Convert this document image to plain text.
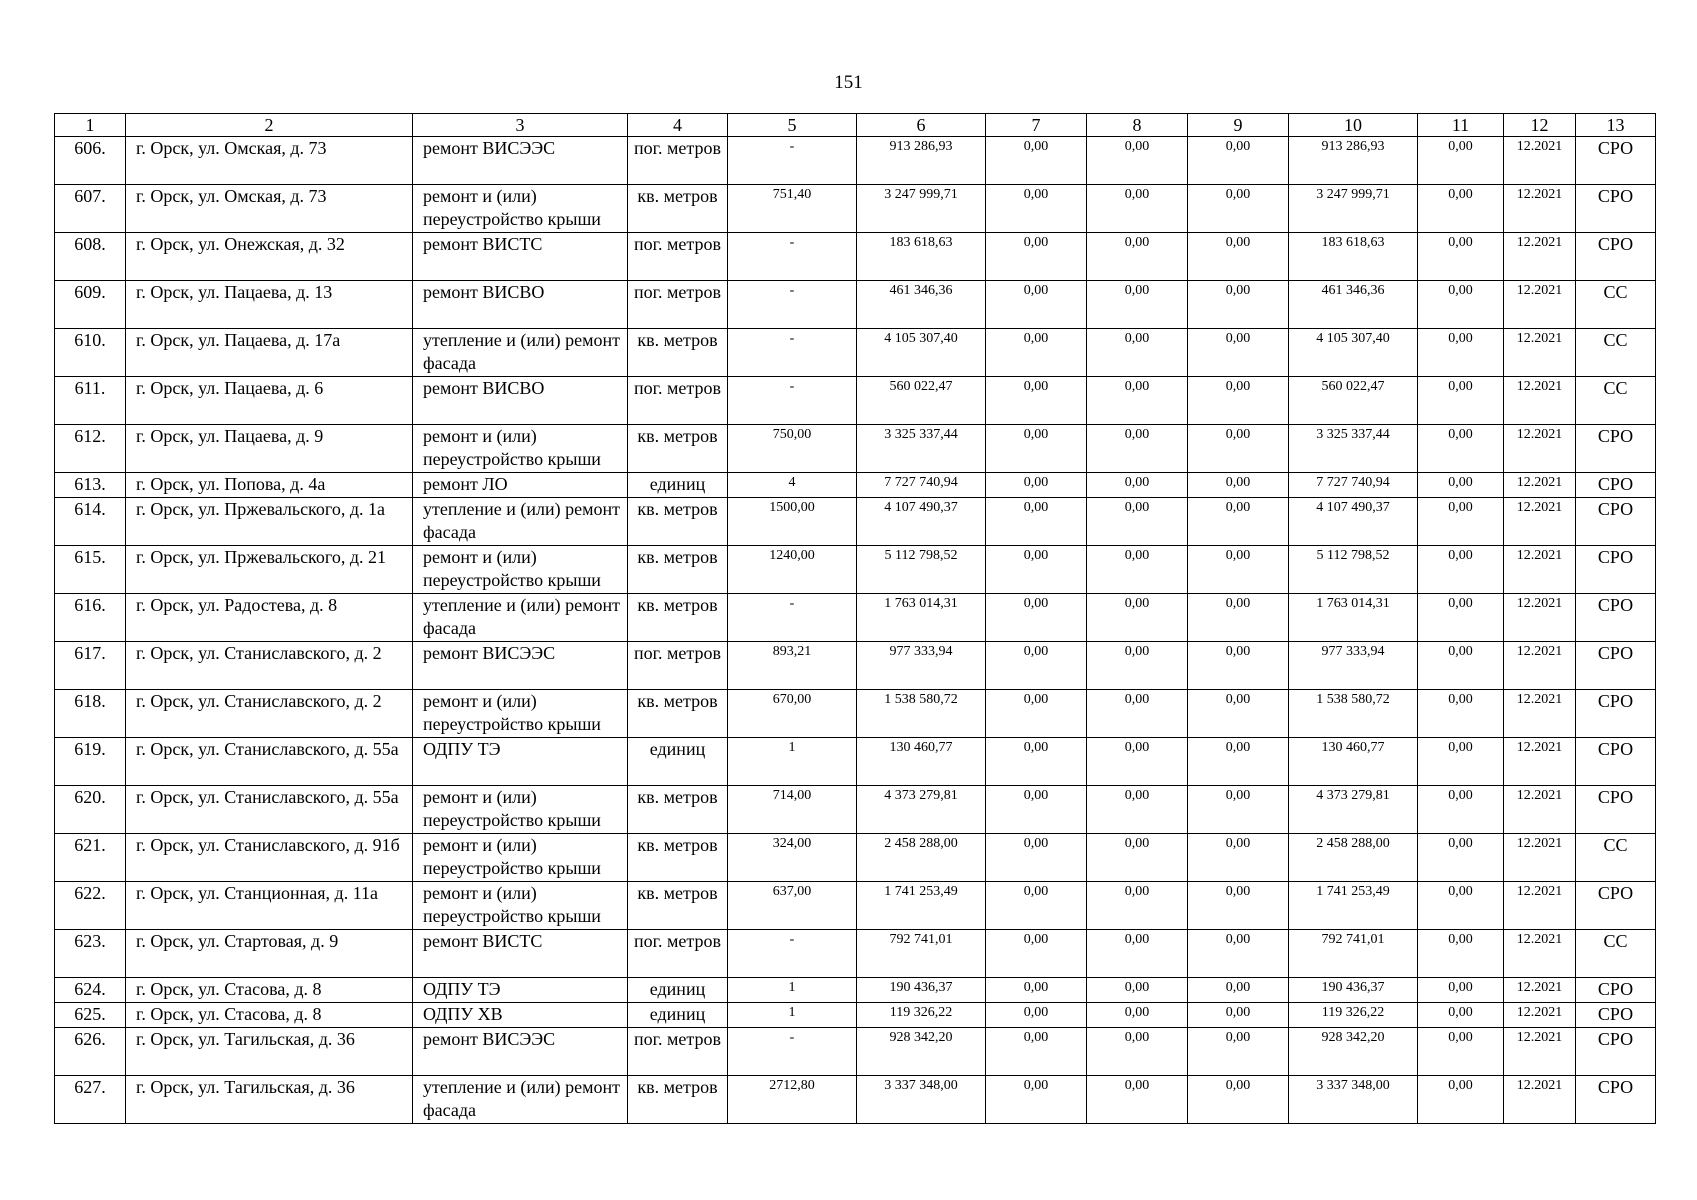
151
1	2	3	4	5	6	7	8	9	10	11	12	13
606.	г. Орск, ул. Омская, д. 73	ремонт ВИСЭЭС	пог. метров	-	913 286,93	0,00	0,00	0,00	913 286,93	0,00	12.2021	СРО
607.	г. Орск, ул. Омская, д. 73	ремонт и (или) переустройство крыши	кв. метров	751,40	3 247 999,71	0,00	0,00	0,00	3 247 999,71	0,00	12.2021	СРО
608.	г. Орск, ул. Онежская, д. 32	ремонт ВИСТС	пог. метров	-	183 618,63	0,00	0,00	0,00	183 618,63	0,00	12.2021	СРО
609.	г. Орск, ул. Пацаева, д. 13	ремонт ВИСВО	пог. метров	-	461 346,36	0,00	0,00	0,00	461 346,36	0,00	12.2021	СС
610.	г. Орск, ул. Пацаева, д. 17а	утепление и (или) ремонт фасада	кв. метров	-	4 105 307,40	0,00	0,00	0,00	4 105 307,40	0,00	12.2021	СС
611.	г. Орск, ул. Пацаева, д. 6	ремонт ВИСВО	пог. метров	-	560 022,47	0,00	0,00	0,00	560 022,47	0,00	12.2021	СС
612.	г. Орск, ул. Пацаева, д. 9	ремонт и (или) переустройство крыши	кв. метров	750,00	3 325 337,44	0,00	0,00	0,00	3 325 337,44	0,00	12.2021	СРО
613.	г. Орск, ул. Попова, д. 4а	ремонт ЛО	единиц	4	7 727 740,94	0,00	0,00	0,00	7 727 740,94	0,00	12.2021	СРО
614.	г. Орск, ул. Пржевальского, д. 1а	утепление и (или) ремонт фасада	кв. метров	1500,00	4 107 490,37	0,00	0,00	0,00	4 107 490,37	0,00	12.2021	СРО
615.	г. Орск, ул. Пржевальского, д. 21	ремонт и (или) переустройство крыши	кв. метров	1240,00	5 112 798,52	0,00	0,00	0,00	5 112 798,52	0,00	12.2021	СРО
616.	г. Орск, ул. Радостева, д. 8	утепление и (или) ремонт фасада	кв. метров	-	1 763 014,31	0,00	0,00	0,00	1 763 014,31	0,00	12.2021	СРО
617.	г. Орск, ул. Станиславского, д. 2	ремонт ВИСЭЭС	пог. метров	893,21	977 333,94	0,00	0,00	0,00	977 333,94	0,00	12.2021	СРО
618.	г. Орск, ул. Станиславского, д. 2	ремонт и (или) переустройство крыши	кв. метров	670,00	1 538 580,72	0,00	0,00	0,00	1 538 580,72	0,00	12.2021	СРО
619.	г. Орск, ул. Станиславского, д. 55а	ОДПУ ТЭ	единиц	1	130 460,77	0,00	0,00	0,00	130 460,77	0,00	12.2021	СРО
620.	г. Орск, ул. Станиславского, д. 55а	ремонт и (или) переустройство крыши	кв. метров	714,00	4 373 279,81	0,00	0,00	0,00	4 373 279,81	0,00	12.2021	СРО
621.	г. Орск, ул. Станиславского, д. 91б	ремонт и (или) переустройство крыши	кв. метров	324,00	2 458 288,00	0,00	0,00	0,00	2 458 288,00	0,00	12.2021	СС
622.	г. Орск, ул. Станционная, д. 11а	ремонт и (или) переустройство крыши	кв. метров	637,00	1 741 253,49	0,00	0,00	0,00	1 741 253,49	0,00	12.2021	СРО
623.	г. Орск, ул. Стартовая, д. 9	ремонт ВИСТС	пог. метров	-	792 741,01	0,00	0,00	0,00	792 741,01	0,00	12.2021	СС
624.	г. Орск, ул. Стасова, д. 8	ОДПУ ТЭ	единиц	1	190 436,37	0,00	0,00	0,00	190 436,37	0,00	12.2021	СРО
625.	г. Орск, ул. Стасова, д. 8	ОДПУ ХВ	единиц	1	119 326,22	0,00	0,00	0,00	119 326,22	0,00	12.2021	СРО
626.	г. Орск, ул. Тагильская, д. 36	ремонт ВИСЭЭС	пог. метров	-	928 342,20	0,00	0,00	0,00	928 342,20	0,00	12.2021	СРО
627.	г. Орск, ул. Тагильская, д. 36	утепление и (или) ремонт фасада	кв. метров	2712,80	3 337 348,00	0,00	0,00	0,00	3 337 348,00	0,00	12.2021	СРО
